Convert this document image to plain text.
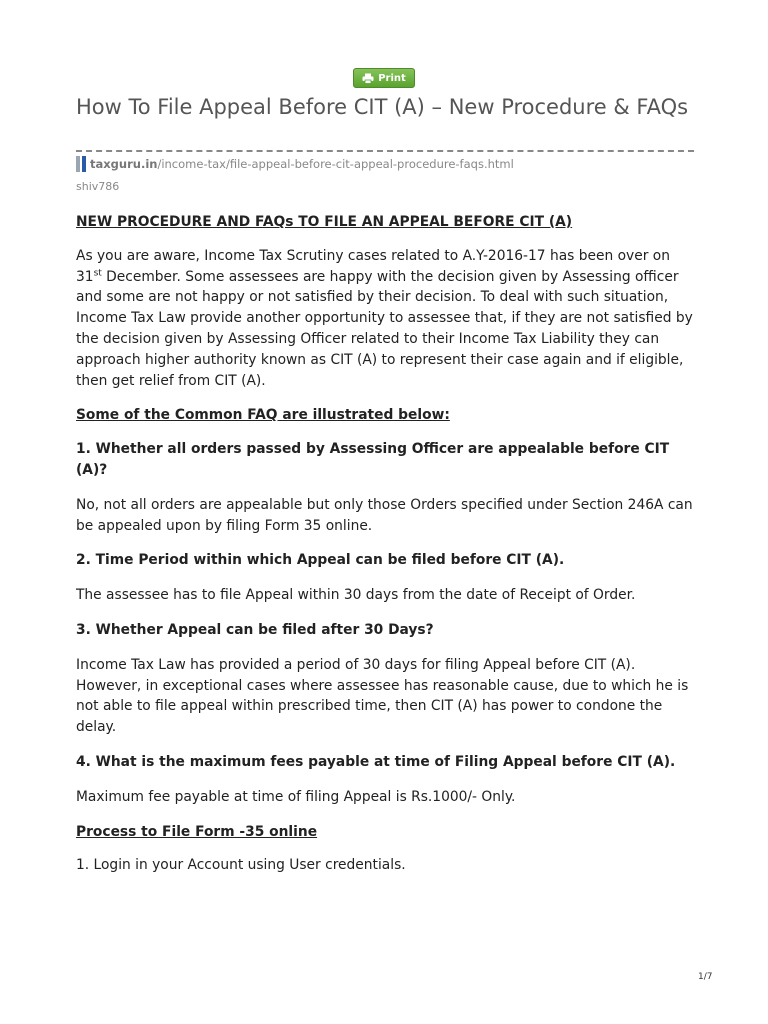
Print
How To File Appeal Before CIT (A) – New Procedure & FAQs
taxguru.in /income-tax/file-appeal-before-cit-appeal-procedure-faqs.html
shiv786

NEW PROCEDURE AND FAQs TO FILE AN APPEAL BEFORE CIT (A)

As you are aware, Income Tax Scrutiny cases related to A.Y-2016-17 has been over on 31st December. Some assessees are happy with the decision given by Assessing officer and some are not happy or not satisfied by their decision. To deal with such situation, Income Tax Law provide another opportunity to assessee that, if they are not satisfied by the decision given by Assessing Officer related to their Income Tax Liability they can approach higher authority known as CIT (A) to represent their case again and if eligible, then get relief from CIT (A).

Some of the Common FAQ are illustrated below:

1. Whether all orders passed by Assessing Officer are appealable before CIT (A)?

No, not all orders are appealable but only those Orders specified under Section 246A can be appealed upon by filing Form 35 online.

2. Time Period within which Appeal can be filed before CIT (A).

The assessee has to file Appeal within 30 days from the date of Receipt of Order.

3. Whether Appeal can be filed after 30 Days?

Income Tax Law has provided a period of 30 days for filing Appeal before CIT (A). However, in exceptional cases where assessee has reasonable cause, due to which he is not able to file appeal within prescribed time, then CIT (A) has power to condone the delay.

4. What is the maximum fees payable at time of Filing Appeal before CIT (A).

Maximum fee payable at time of filing Appeal is Rs.1000/- Only.

Process to File Form -35 online

1. Login in your Account using User credentials.

1/7
